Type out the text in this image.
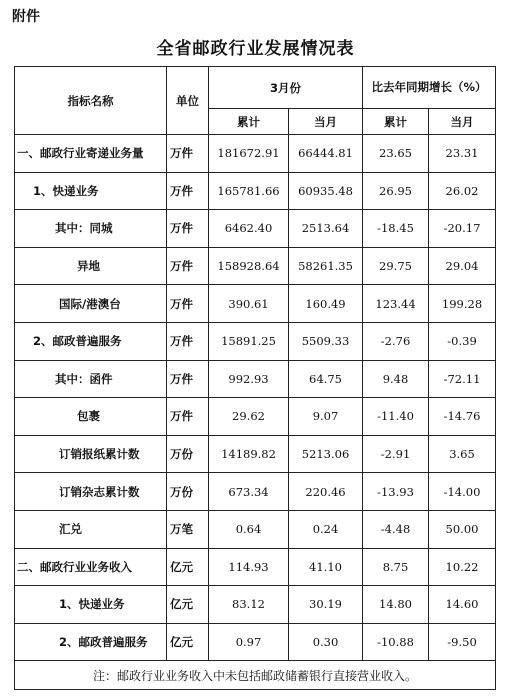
附件
全省邮政行业发展情况表
指标名称	单位	3月份		比去年同期增长（%）	
		累计	当月	累计	当月
一、邮政行业寄递业务量	万件	181672.91	66444.81	23.65	23.31
1、快递业务	万件	165781.66	60935.48	26.95	26.02
其中：同城	万件	6462.40	2513.64	-18.45	-20.17
异地	万件	158928.64	58261.35	29.75	29.04
国际/港澳台	万件	390.61	160.49	123.44	199.28
2、邮政普遍服务	万件	15891.25	5509.33	-2.76	-0.39
其中：函件	万件	992.93	64.75	9.48	-72.11
包裹	万件	29.62	9.07	-11.40	-14.76
订销报纸累计数	万份	14189.82	5213.06	-2.91	3.65
订销杂志累计数	万份	673.34	220.46	-13.93	-14.00
汇兑	万笔	0.64	0.24	-4.48	50.00
二、邮政行业业务收入	亿元	114.93	41.10	8.75	10.22
1、快递业务	亿元	83.12	30.19	14.80	14.60
2、邮政普遍服务	亿元	0.97	0.30	-10.88	-9.50
注：邮政行业业务收入中未包括邮政储蓄银行直接营业收入。					
